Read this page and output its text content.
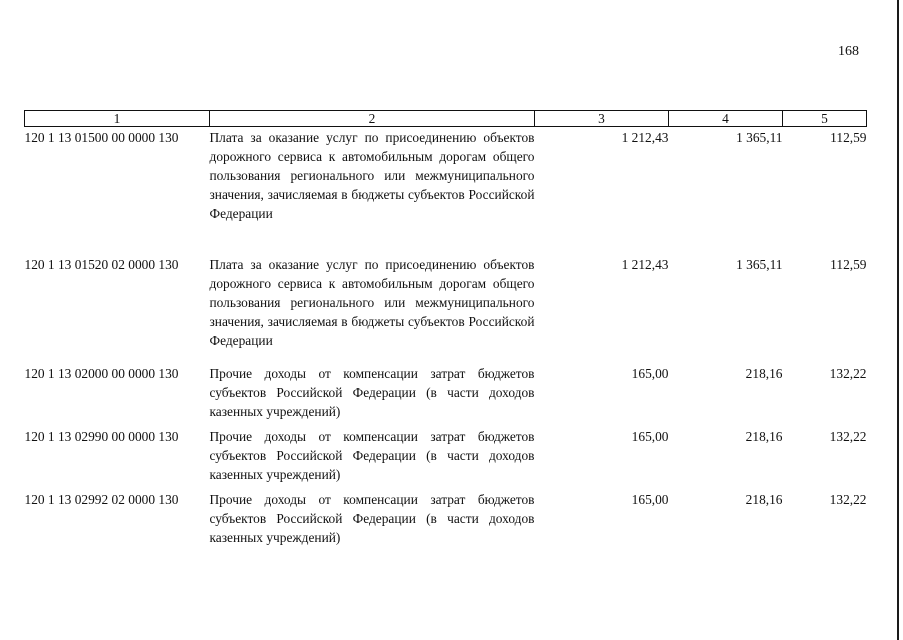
168
1	2	3	4	5
120 1 13 01500 00 0000 130	Плата за оказание услуг по присоединению объектов дорожного сервиса к автомобильным дорогам общего пользования регионального или межмуниципального значения, зачисляемая в бюджеты субъектов Российской Федерации	1 212,43	1 365,11	112,59
120 1 13 01520 02 0000 130	Плата за оказание услуг по присоединению объектов дорожного сервиса к автомобильным дорогам общего пользования регионального или межмуниципального значения, зачисляемая в бюджеты субъектов Российской Федерации	1 212,43	1 365,11	112,59
120 1 13 02000 00 0000 130	Прочие доходы от компенсации затрат бюджетов субъектов Российской Федерации (в части доходов казенных учреждений)	165,00	218,16	132,22
120 1 13 02990 00 0000 130	Прочие доходы от компенсации затрат бюджетов субъектов Российской Федерации (в части доходов казенных учреждений)	165,00	218,16	132,22
120 1 13 02992 02 0000 130	Прочие доходы от компенсации затрат бюджетов субъектов Российской Федерации (в части доходов казенных учреждений)	165,00	218,16	132,22
